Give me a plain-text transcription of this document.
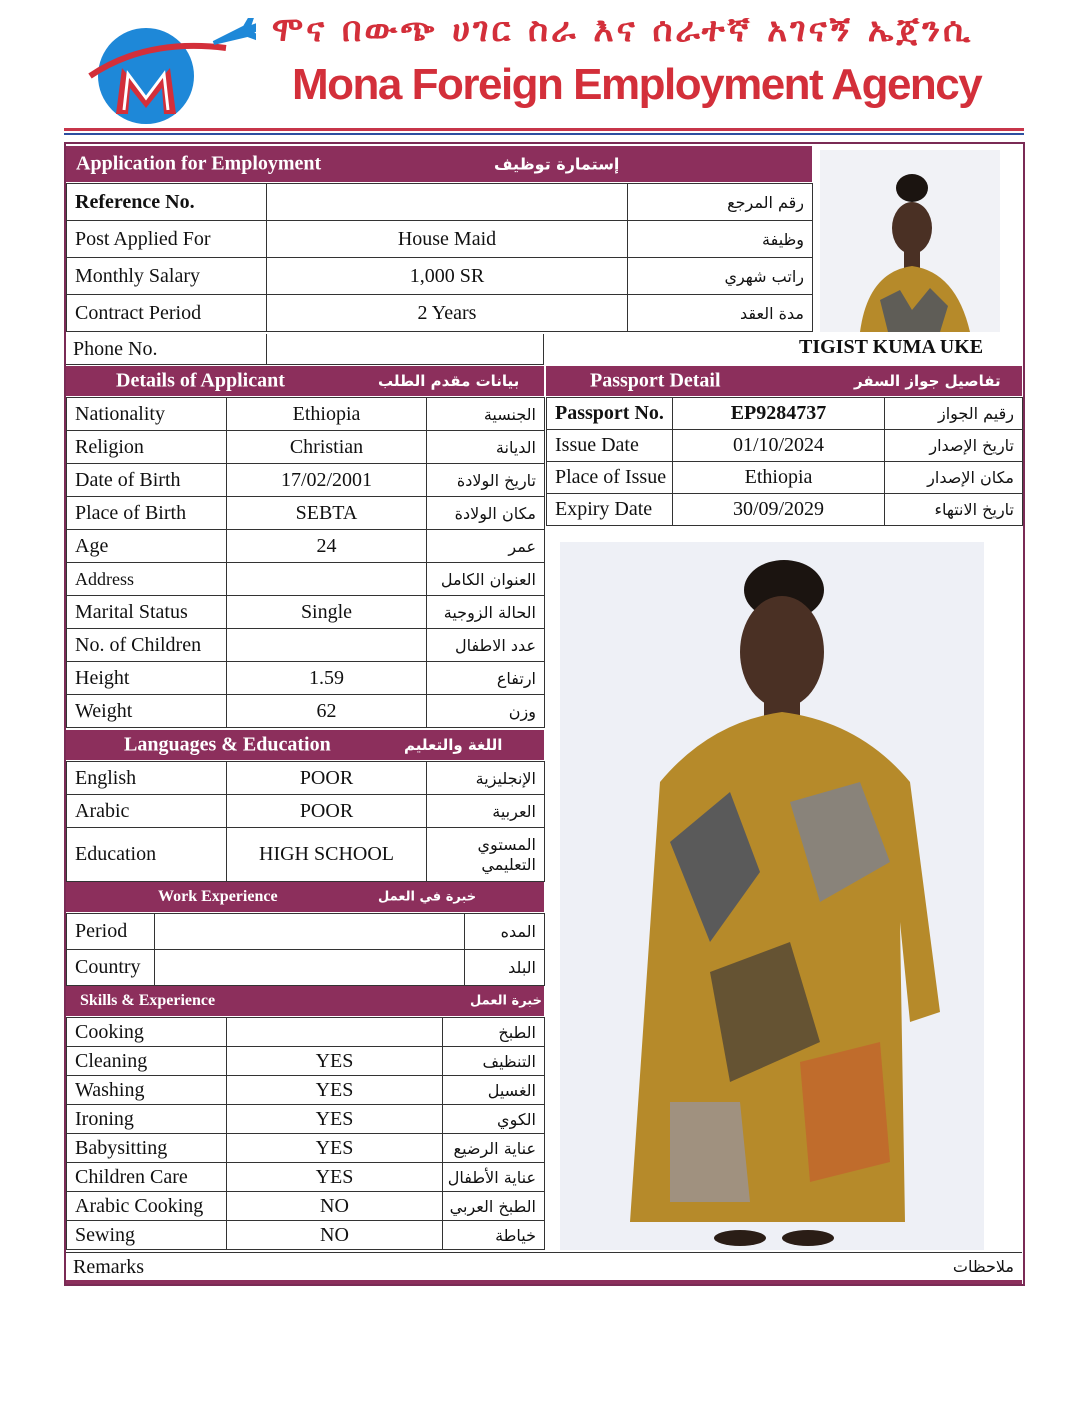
ሞና በውጭ ሀገር ስራ እና ሰራተኛ አገናኝ ኤጀንሲ
Mona Foreign Employment Agency
Application for Employment	إستمارة توظيف
Reference No.		رقم المرجع
Post Applied For	House Maid	وظيفة
Monthly Salary	1,000 SR	راتب شهري
Contract Period	2 Years	مدة العقد
Phone No.	TIGIST KUMA UKE
Details of Applicant	بيانات مقدم الطلب
Nationality	Ethiopia	الجنسية
Religion	Christian	الديانة
Date of Birth	17/02/2001	تاريخ الولادة
Place of Birth	SEBTA	مكان الولادة
Age	24	عمر
Address		العنوان الكامل
Marital Status	Single	الحالة الزوجية
No. of Children		عدد الاطفال
Height	1.59	ارتفاع
Weight	62	وزن
Passport Detail	تفاصيل جواز السفر
Passport No.	EP9284737	رقيم الجواز
Issue Date	01/10/2024	تاريخ الإصدار
Place of Issue	Ethiopia	مكان الإصدار
Expiry Date	30/09/2029	تاريخ الانتهاء
Languages & Education	اللغة والتعليم
English	POOR	الإنجليزية
Arabic	POOR	العربية
Education	HIGH SCHOOL	المستوي التعليمي
Work Experience	خبرة في العمل
Period		المده
Country		البلد
Skills & Experience	خبرة العمل
Cooking		الطبخ
Cleaning	YES	التنظيف
Washing	YES	الغسيل
Ironing	YES	الكوي
Babysitting	YES	عناية الرضيع
Children Care	YES	عناية الأطفال
Arabic Cooking	NO	الطبخ العربي
Sewing	NO	خياطة
Remarks	ملاحظات
